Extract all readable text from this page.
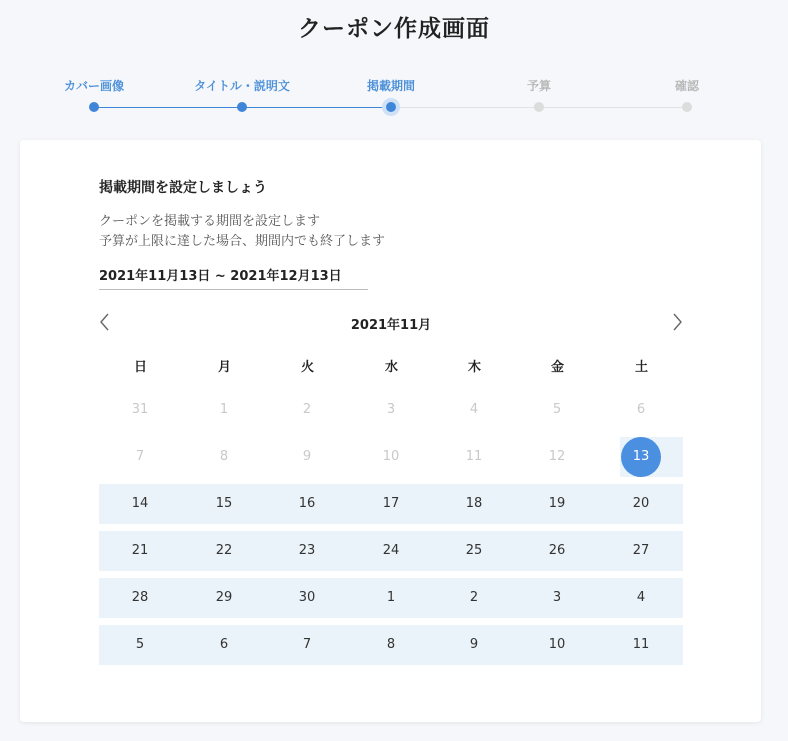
クーポン作成画面
カバー画像	タイトル・説明文	掲載期間	予算	確認
掲載期間を設定しましょう
クーポンを掲載する期間を設定します
予算が上限に達した場合、期間内でも終了します
2021年11月13日 ~ 2021年12月13日
2021年11月
日	月	火	水	木	金	土
31	1	2	3	4	5	6
7	8	9	10	11	12	13
14	15	16	17	18	19	20
21	22	23	24	25	26	27
28	29	30	1	2	3	4
5	6	7	8	9	10	11
